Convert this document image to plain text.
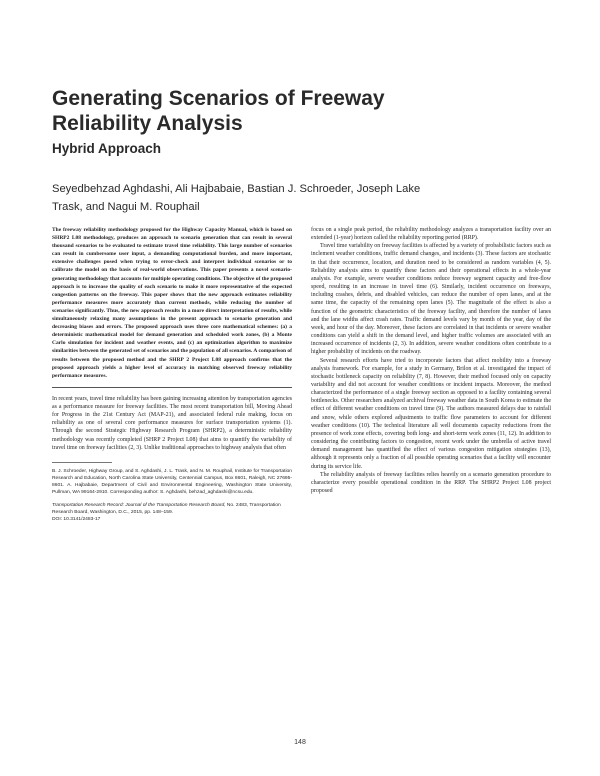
Generating Scenarios of Freeway Reliability Analysis
Hybrid Approach

Seyedbehzad Aghdashi, Ali Hajbabaie, Bastian J. Schroeder, Joseph Lake Trask, and Nagui M. Rouphail

The freeway reliability methodology proposed for the Highway Capacity Manual, which is based on SHRP2 L08 methodology, produces an approach to scenario generation that can result in several thousand scenarios to be evaluated to estimate travel time reliability. This large number of scenarios can result in cumbersome user input, a demanding computational burden, and more important, extensive challenges posed when trying to error-check and interpret individual scenarios or to calibrate the model on the basis of real-world observations. This paper presents a novel scenario-generating methodology that accounts for multiple operating conditions. The objective of the proposed approach is to increase the quality of each scenario to make it more representative of the expected congestion patterns on the freeway. This paper shows that the new approach estimates reliability performance measures more accurately than current methods, while reducing the number of scenarios significantly. Thus, the new approach results in a more direct interpretation of results, while simultaneously relaxing many assumptions in the present approach to scenario generation and decreasing biases and errors. The proposed approach uses three core mathematical schemes: (a) a deterministic mathematical model for demand generation and scheduled work zones, (b) a Monte Carlo simulation for incident and weather events, and (c) an optimization algorithm to maximize similarities between the generated set of scenarios and the population of all scenarios. A comparison of results between the proposed method and the SHRP 2 Project L08 approach confirms that the proposed approach yields a higher level of accuracy in matching observed freeway reliability performance measures.

In recent years, travel time reliability has been gaining increasing attention by transportation agencies as a performance measure for freeway facilities. The most recent transportation bill, Moving Ahead for Progress in the 21st Century Act (MAP-21), and associated federal rule making, focus on reliability as one of several core performance measures for surface transportation systems (1). Through the second Strategic Highway Research Program (SHRP2), a deterministic reliability methodology was recently completed (SHRP 2 Project L08) that aims to quantify the variability of travel time on freeway facilities (2, 3). Unlike traditional approaches to highway analysis that often

B. J. Schroeder, Highway Group, and S. Aghdashi, J. L. Trask, and N. M. Rouphail, Institute for Transportation Research and Education, North Carolina State University, Centennial Campus, Box 8601, Raleigh, NC 27695-8601. A. Hajbabaie, Department of Civil and Environmental Engineering, Washington State University, Pullman, WA 99164-2910. Corresponding author: S. Aghdashi, behzad_aghdashi@ncsu.edu.

Transportation Research Record: Journal of the Transportation Research Board, No. 2483, Transportation Research Board, Washington, D.C., 2015, pp. 148–159.
DOI: 10.3141/2483-17

focus on a single peak period, the reliability methodology analyzes a transportation facility over an extended (1-year) horizon called the reliability reporting period (RRP).

Travel time variability on freeway facilities is affected by a variety of probabilistic factors such as inclement weather conditions, traffic demand changes, and incidents (3). These factors are stochastic in that their occurrence, location, and duration need to be considered as random variables (4, 5). Reliability analysis aims to quantify these factors and their operational effects in a whole-year analysis. For example, severe weather conditions reduce freeway segment capacity and free-flow speed, resulting in an increase in travel time (6). Similarly, incident occurrence on freeways, including crashes, debris, and disabled vehicles, can reduce the number of open lanes, and at the same time, the capacity of the remaining open lanes (5). The magnitude of the effect is also a function of the geometric characteristics of the freeway facility, and therefore the number of lanes and the lane widths affect crash rates. Traffic demand levels vary by month of the year, day of the week, and hour of the day. Moreover, these factors are correlated in that incidents or severe weather conditions can yield a shift in the demand level, and higher traffic volumes are associated with an increased occurrence of incidents (2, 3). In addition, severe weather conditions often contribute to a higher probability of incidents on the roadway.

Several research efforts have tried to incorporate factors that affect mobility into a freeway analysis framework. For example, for a study in Germany, Brilon et al. investigated the impact of stochastic bottleneck capacity on reliability (7, 8). However, their method focused only on capacity variability and did not account for weather conditions or incident impacts. Moreover, the method characterized the performance of a single freeway section as opposed to a facility containing several bottlenecks. Other researchers analyzed archival freeway weather data in South Korea to estimate the effect of different weather conditions on travel time (9). The authors measured delays due to rainfall and snow, while others explored adjustments to traffic flow parameters to account for different weather conditions (10). The technical literature all well documents capacity reductions from the presence of work zone effects, covering both long- and short-term work zones (11, 12). In addition to considering the contributing factors to congestion, recent work under the umbrella of active travel demand management has quantified the effect of various congestion mitigation strategies (13), although it represents only a fraction of all possible operating scenarios that a facility will encounter during its service life.

The reliability analysis of freeway facilities relies heavily on a scenario generation procedure to characterize every possible operational condition in the RRP. The SHRP2 Project L08 project proposed

148
